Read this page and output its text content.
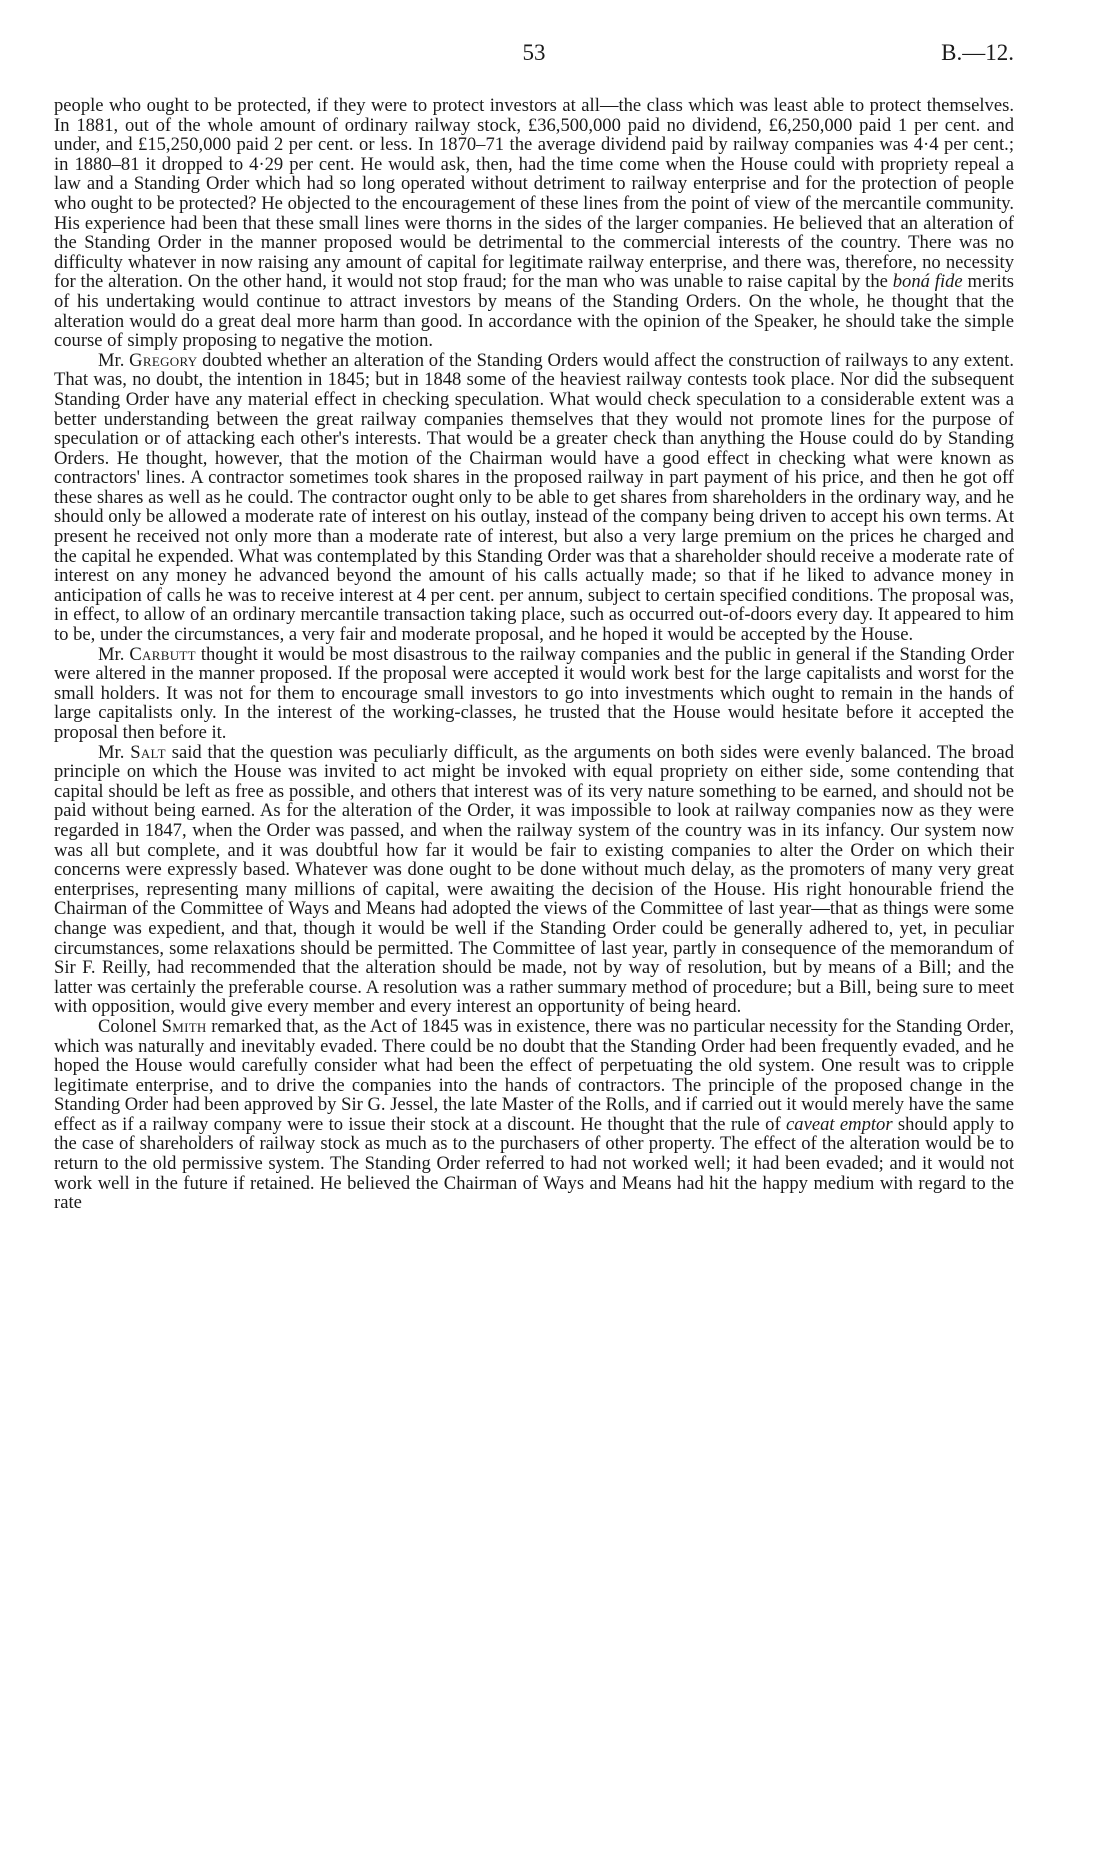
53	B.—12.

people who ought to be protected, if they were to protect investors at all—the class which was least able to protect themselves. In 1881, out of the whole amount of ordinary railway stock, £36,500,000 paid no dividend, £6,250,000 paid 1 per cent. and under, and £15,250,000 paid 2 per cent. or less. In 1870–71 the average dividend paid by railway companies was 4·4 per cent.; in 1880–81 it dropped to 4·29 per cent. He would ask, then, had the time come when the House could with propriety repeal a law and a Standing Order which had so long operated without detriment to railway enterprise and for the protection of people who ought to be protected? He objected to the encouragement of these lines from the point of view of the mercantile community. His experience had been that these small lines were thorns in the sides of the larger companies. He believed that an alteration of the Standing Order in the manner proposed would be detrimental to the commercial interests of the country. There was no difficulty whatever in now raising any amount of capital for legitimate railway enterprise, and there was, therefore, no necessity for the alteration. On the other hand, it would not stop fraud; for the man who was unable to raise capital by the boná fide merits of his undertaking would continue to attract investors by means of the Standing Orders. On the whole, he thought that the alteration would do a great deal more harm than good. In accordance with the opinion of the Speaker, he should take the simple course of simply proposing to negative the motion.

Mr. Gregory doubted whether an alteration of the Standing Orders would affect the construction of railways to any extent. That was, no doubt, the intention in 1845; but in 1848 some of the heaviest railway contests took place. Nor did the subsequent Standing Order have any material effect in checking speculation. What would check speculation to a considerable extent was a better understanding between the great railway companies themselves that they would not promote lines for the purpose of speculation or of attacking each other's interests. That would be a greater check than anything the House could do by Standing Orders. He thought, however, that the motion of the Chairman would have a good effect in checking what were known as contractors' lines. A contractor sometimes took shares in the proposed railway in part payment of his price, and then he got off these shares as well as he could. The contractor ought only to be able to get shares from shareholders in the ordinary way, and he should only be allowed a moderate rate of interest on his outlay, instead of the company being driven to accept his own terms. At present he received not only more than a moderate rate of interest, but also a very large premium on the prices he charged and the capital he expended. What was contemplated by this Standing Order was that a shareholder should receive a moderate rate of interest on any money he advanced beyond the amount of his calls actually made; so that if he liked to advance money in anticipation of calls he was to receive interest at 4 per cent. per annum, subject to certain specified conditions. The proposal was, in effect, to allow of an ordinary mercantile transaction taking place, such as occurred out-of-doors every day. It appeared to him to be, under the circumstances, a very fair and moderate proposal, and he hoped it would be accepted by the House.

Mr. Carbutt thought it would be most disastrous to the railway companies and the public in general if the Standing Order were altered in the manner proposed. If the proposal were accepted it would work best for the large capitalists and worst for the small holders. It was not for them to encourage small investors to go into investments which ought to remain in the hands of large capitalists only. In the interest of the working-classes, he trusted that the House would hesitate before it accepted the proposal then before it.

Mr. Salt said that the question was peculiarly difficult, as the arguments on both sides were evenly balanced. The broad principle on which the House was invited to act might be invoked with equal propriety on either side, some contending that capital should be left as free as possible, and others that interest was of its very nature something to be earned, and should not be paid without being earned. As for the alteration of the Order, it was impossible to look at railway companies now as they were regarded in 1847, when the Order was passed, and when the railway system of the country was in its infancy. Our system now was all but complete, and it was doubtful how far it would be fair to existing companies to alter the Order on which their concerns were expressly based. Whatever was done ought to be done without much delay, as the promoters of many very great enterprises, representing many millions of capital, were awaiting the decision of the House. His right honourable friend the Chairman of the Committee of Ways and Means had adopted the views of the Committee of last year—that as things were some change was expedient, and that, though it would be well if the Standing Order could be generally adhered to, yet, in peculiar circumstances, some relaxations should be permitted. The Committee of last year, partly in consequence of the memorandum of Sir F. Reilly, had recommended that the alteration should be made, not by way of resolution, but by means of a Bill; and the latter was certainly the preferable course. A resolution was a rather summary method of procedure; but a Bill, being sure to meet with opposition, would give every member and every interest an opportunity of being heard.

Colonel Smith remarked that, as the Act of 1845 was in existence, there was no particular necessity for the Standing Order, which was naturally and inevitably evaded. There could be no doubt that the Standing Order had been frequently evaded, and he hoped the House would carefully consider what had been the effect of perpetuating the old system. One result was to cripple legitimate enterprise, and to drive the companies into the hands of contractors. The principle of the proposed change in the Standing Order had been approved by Sir G. Jessel, the late Master of the Rolls, and if carried out it would merely have the same effect as if a railway company were to issue their stock at a discount. He thought that the rule of caveat emptor should apply to the case of shareholders of railway stock as much as to the purchasers of other property. The effect of the alteration would be to return to the old permissive system. The Standing Order referred to had not worked well; it had been evaded; and it would not work well in the future if retained. He believed the Chairman of Ways and Means had hit the happy medium with regard to the rate
